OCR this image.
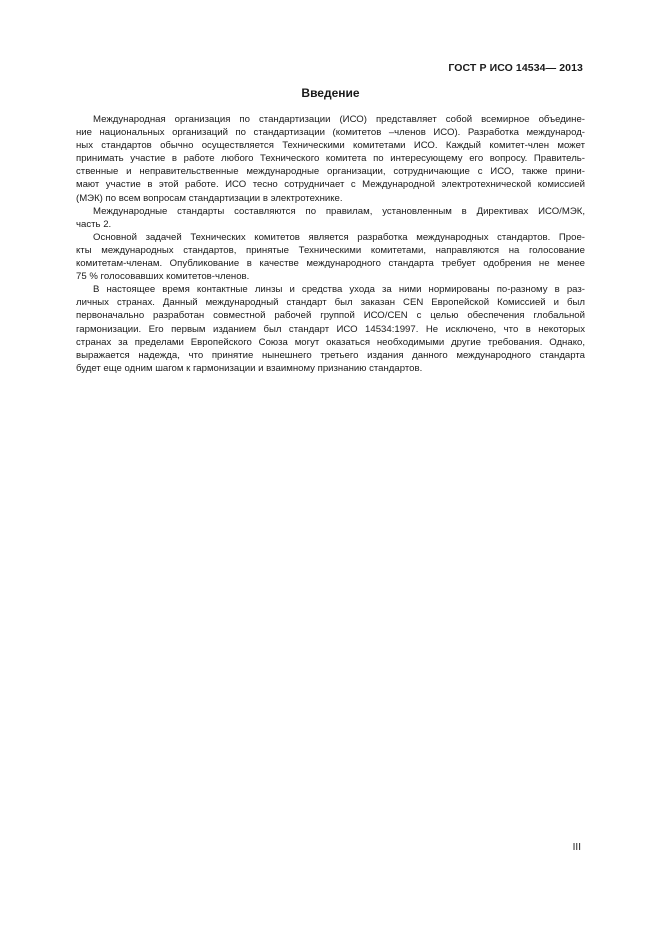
ГОСТ Р ИСО 14534— 2013
Введение
Международная организация по стандартизации (ИСО) представляет собой всемирное объедине-
ние национальных организаций по стандартизации (комитетов –членов ИСО). Разработка международ-
ных стандартов обычно осуществляется Техническими комитетами ИСО. Каждый комитет-член может
принимать участие в работе любого Технического комитета по интересующему его вопросу. Правитель-
ственные и неправительственные международные организации, сотрудничающие с ИСО, также прини-
мают участие в этой работе. ИСО тесно сотрудничает с Международной электротехнической комиссией
(МЭК) по всем вопросам стандартизации в электротехнике.
Международные стандарты составляются по правилам, установленным в Директивах ИСО/МЭК,
часть 2.
Основной задачей Технических комитетов является разработка международных стандартов. Прое-
кты международных стандартов, принятые Техническими комитетами, направляются на голосование
комитетам-членам. Опубликование в качестве международного стандарта требует одобрения не менее
75 % голосовавших комитетов-членов.
В настоящее время контактные линзы и средства ухода за ними нормированы по-разному в раз-
личных странах. Данный международный стандарт был заказан CEN Европейской Комиссией и был
первоначально разработан совместной рабочей группой ИСО/CEN с целью обеспечения глобальной
гармонизации. Его первым изданием был стандарт ИСО 14534:1997. Не исключено, что в некоторых
странах за пределами Европейского Союза могут оказаться необходимыми другие требования. Однако,
выражается надежда, что принятие нынешнего третьего издания данного международного стандарта
будет еще одним шагом к гармонизации и взаимному признанию стандартов.
III
